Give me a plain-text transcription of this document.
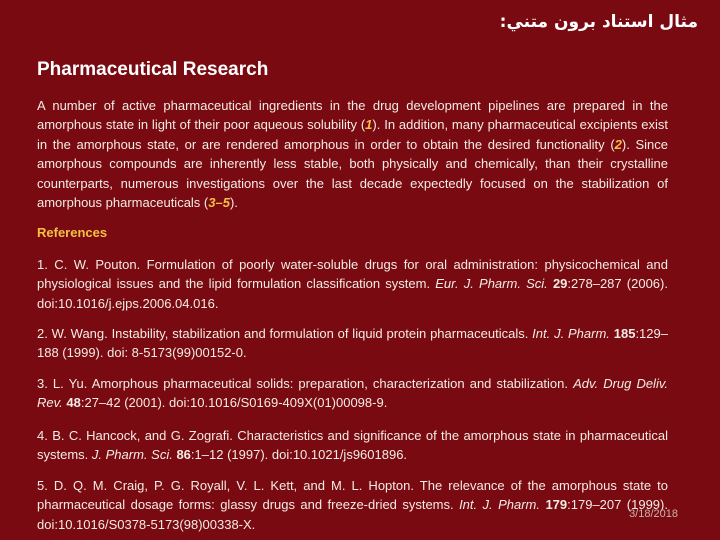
مثال استناد برون متني:
Pharmaceutical Research
A number of active pharmaceutical ingredients in the drug development pipelines are prepared in the amorphous state in light of their poor aqueous solubility (1). In addition, many pharmaceutical excipients exist in the amorphous state, or are rendered amorphous in order to obtain the desired functionality (2). Since amorphous compounds are inherently less stable, both physically and chemically, than their crystalline counterparts, numerous investigations over the last decade expectedly focused on the stabilization of amorphous pharmaceuticals (3–5).
References
1. C. W. Pouton. Formulation of poorly water-soluble drugs for oral administration: physicochemical and physiological issues and the lipid formulation classification system. Eur. J. Pharm. Sci. 29:278–287 (2006). doi:10.1016/j.ejps.2006.04.016.
2. W. Wang. Instability, stabilization and formulation of liquid protein pharmaceuticals. Int. J. Pharm. 185:129–188 (1999). doi: 8-5173(99)00152-0.
3. L. Yu. Amorphous pharmaceutical solids: preparation, characterization and stabilization. Adv. Drug Deliv. Rev. 48:27–42 (2001). doi:10.1016/S0169-409X(01)00098-9.
4. B. C. Hancock, and G. Zografi. Characteristics and significance of the amorphous state in pharmaceutical systems. J. Pharm. Sci. 86:1–12 (1997). doi:10.1021/js9601896.
5. D. Q. M. Craig, P. G. Royall, V. L. Kett, and M. L. Hopton. The relevance of the amorphous state to pharmaceutical dosage forms: glassy drugs and freeze-dried systems. Int. J. Pharm. 179:179–207 (1999). doi:10.1016/S0378-5173(98)00338-X.
3/18/2018
